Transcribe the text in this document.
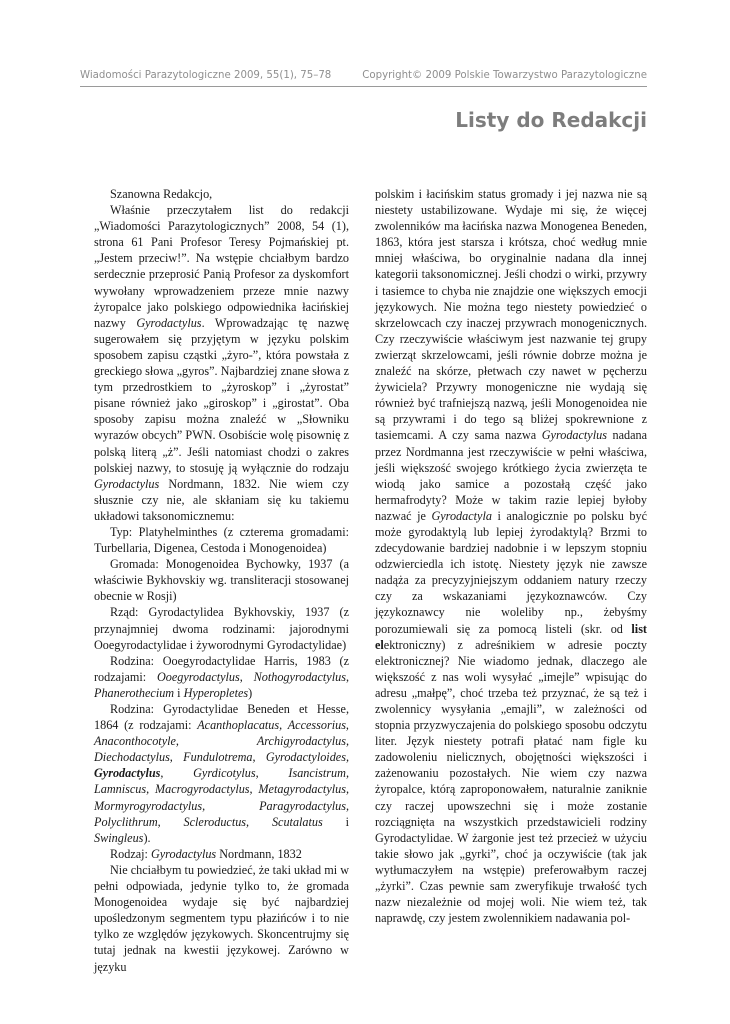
Wiadomości Parazytologiczne 2009, 55(1), 75–78	Copyright© 2009 Polskie Towarzystwo Parazytologiczne
Listy do Redakcji

Szanowna Redakcjo,

Właśnie przeczytałem list do redakcji „Wiadomości Parazytologicznych” 2008, 54 (1), strona 61 Pani Profesor Teresy Pojmańskiej pt. „Jestem przeciw!”. Na wstępie chciałbym bardzo serdecznie przeprosić Panią Profesor za dyskomfort wywołany wprowadzeniem przeze mnie nazwy żyropalce jako polskiego odpowiednika łacińskiej nazwy Gyrodactylus. Wprowadzając tę nazwę sugerowałem się przyjętym w języku polskim sposobem zapisu cząstki „żyro-”, która powstała z greckiego słowa „gyros”. Najbardziej znane słowa z tym przedrostkiem to „żyroskop” i „żyrostat” pisane również jako „giroskop” i „girostat”. Oba sposoby zapisu można znaleźć w „Słowniku wyrazów obcych” PWN. Osobiście wolę pisownię z polską literą „ż”. Jeśli natomiast chodzi o zakres polskiej nazwy, to stosuję ją wyłącznie do rodzaju Gyrodactylus Nordmann, 1832. Nie wiem czy słusznie czy nie, ale skłaniam się ku takiemu układowi taksonomicznemu:

Typ: Platyhelminthes (z czterema gromadami: Turbellaria, Digenea, Cestoda i Monogenoidea)

Gromada: Monogenoidea Bychowky, 1937 (a właściwie Bykhovskiy wg. transliteracji stosowanej obecnie w Rosji)

Rząd: Gyrodactylidea Bykhovskiy, 1937 (z przynajmniej dwoma rodzinami: jajorodnymi Ooegyrodactylidae i żyworodnymi Gyrodactylidae)

Rodzina: Ooegyrodactylidae Harris, 1983 (z rodzajami: Ooegyrodactylus, Nothogyrodactylus, Phanerothecium i Hyperopletes)

Rodzina: Gyrodactylidae Beneden et Hesse, 1864 (z rodzajami: Acanthoplacatus, Accessorius, Anaconthocotyle, Archigyrodactylus, Diechodactylus, Fundulotrema, Gyrodactyloides, Gyrodactylus, Gyrdicotylus, Isancistrum, Lamniscus, Macrogyrodactylus, Metagyrodactylus, Mormyrogyrodactylus, Paragyrodactylus, Polyclithrum, Scleroductus, Scutalatus i Swingleus).

Rodzaj: Gyrodactylus Nordmann, 1832

Nie chciałbym tu powiedzieć, że taki układ mi w pełni odpowiada, jedynie tylko to, że gromada Monogenoidea wydaje się być najbardziej upośledzonym segmentem typu płazińców i to nie tylko ze względów językowych. Skoncentrujmy się tutaj jednak na kwestii językowej. Zarówno w języku

polskim i łacińskim status gromady i jej nazwa nie są niestety ustabilizowane. Wydaje mi się, że więcej zwolenników ma łacińska nazwa Monogenea Beneden, 1863, która jest starsza i krótsza, choć według mnie mniej właściwa, bo oryginalnie nadana dla innej kategorii taksonomicznej. Jeśli chodzi o wirki, przywry i tasiemce to chyba nie znajdzie one większych emocji językowych. Nie można tego niestety powiedzieć o skrzelowcach czy inaczej przywrach monogenicznych. Czy rzeczywiście właściwym jest nazwanie tej grupy zwierząt skrzelowcami, jeśli równie dobrze można je znaleźć na skórze, płetwach czy nawet w pęcherzu żywiciela? Przywry monogeniczne nie wydają się również być trafniejszą nazwą, jeśli Monogenoidea nie są przywrami i do tego są bliżej spokrewnione z tasiemcami. A czy sama nazwa Gyrodactylus nadana przez Nordmanna jest rzeczywiście w pełni właściwa, jeśli większość swojego krótkiego życia zwierzęta te wiodą jako samice a pozostałą część jako hermafrodyty? Może w takim razie lepiej byłoby nazwać je Gyrodactyla i analogicznie po polsku być może gyrodaktylą lub lepiej żyrodaktylą? Brzmi to zdecydowanie bardziej nadobnie i w lepszym stopniu odzwierciedla ich istotę. Niestety język nie zawsze nadąża za precyzyjniejszym oddaniem natury rzeczy czy za wskazaniami językoznawców. Czy językoznawcy nie woleliby np., żebyśmy porozumiewali się za pomocą listeli (skr. od list elektroniczny) z adreśnikiem w adresie poczty elektronicznej? Nie wiadomo jednak, dlaczego ale większość z nas woli wysyłać „imejle” wpisując do adresu „małpę”, choć trzeba też przyznać, że są też i zwolennicy wysyłania „emajli”, w zależności od stopnia przyzwyczajenia do polskiego sposobu odczytu liter. Język niestety potrafi płatać nam figle ku zadowoleniu nielicznych, obojętności większości i zażenowaniu pozostałych. Nie wiem czy nazwa żyropalce, którą zaproponowałem, naturalnie zaniknie czy raczej upowszechni się i może zostanie rozciągnięta na wszystkich przedstawicieli rodziny Gyrodactylidae. W żargonie jest też przecież w użyciu takie słowo jak „gyrki”, choć ja oczywiście (tak jak wytłumaczyłem na wstępie) preferowałbym raczej „żyrki”. Czas pewnie sam zweryfikuje trwałość tych nazw niezależnie od mojej woli. Nie wiem też, tak naprawdę, czy jestem zwolennikiem nadawania pol-
